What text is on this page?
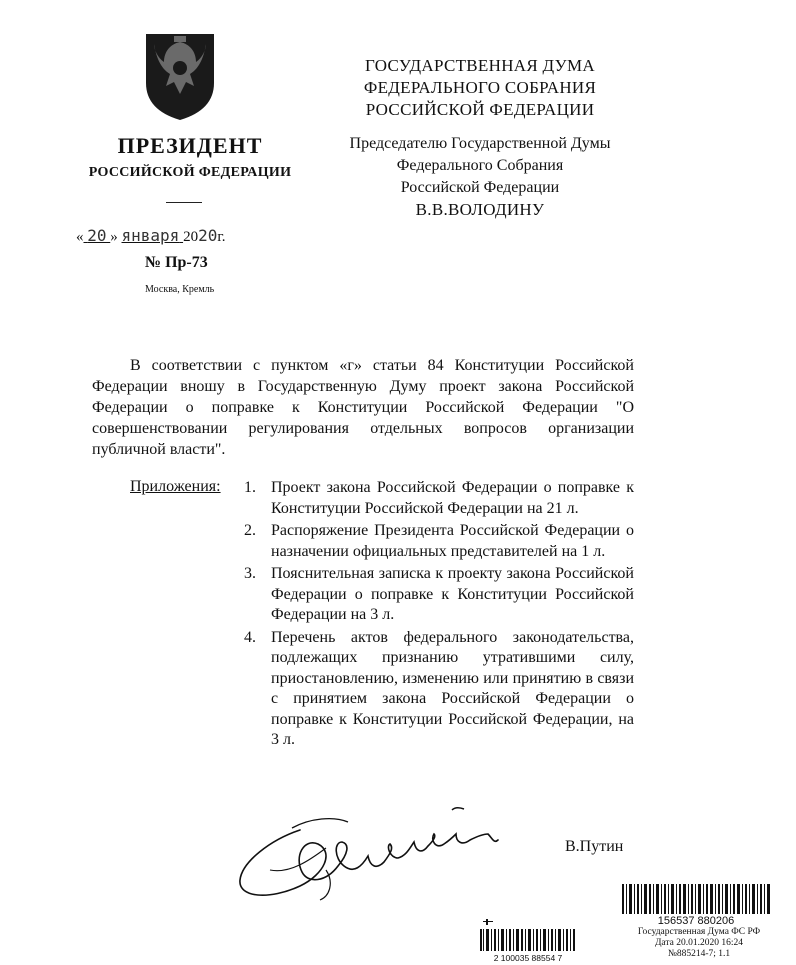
ПРЕЗИДЕНТ
РОССИЙСКОЙ ФЕДЕРАЦИИ
« 20 » января 2020г.
№ Пр-73
Москва, Кремль
ГОСУДАРСТВЕННАЯ ДУМА
ФЕДЕРАЛЬНОГО СОБРАНИЯ
РОССИЙСКОЙ ФЕДЕРАЦИИ
Председателю Государственной Думы
Федерального Собрания
Российской Федерации
В.В.ВОЛОДИНУ
В соответствии с пунктом «г» статьи 84 Конституции Российской Федерации вношу в Государственную Думу проект закона Российской Федерации о поправке к Конституции Российской Федерации "О совершенствовании регулирования отдельных вопросов организации публичной власти".
Приложения: 1. Проект закона Российской Федерации о поправке к Конституции Российской Федерации на 21 л.
2. Распоряжение Президента Российской Федерации о назначении официальных представителей на 1 л.
3. Пояснительная записка к проекту закона Российской Федерации о поправке к Конституции Российской Федерации на 3 л.
4. Перечень актов федерального законодательства, подлежащих признанию утратившими силу, приостановлению, изменению или принятию в связи с принятием закона Российской Федерации о поправке к Конституции Российской Федерации, на 3 л.
В.Путин
2 100035 88554 7
156537 880206
Государственная Дума ФС РФ
Дата 20.01.2020 16:24
№885214-7; 1.1
